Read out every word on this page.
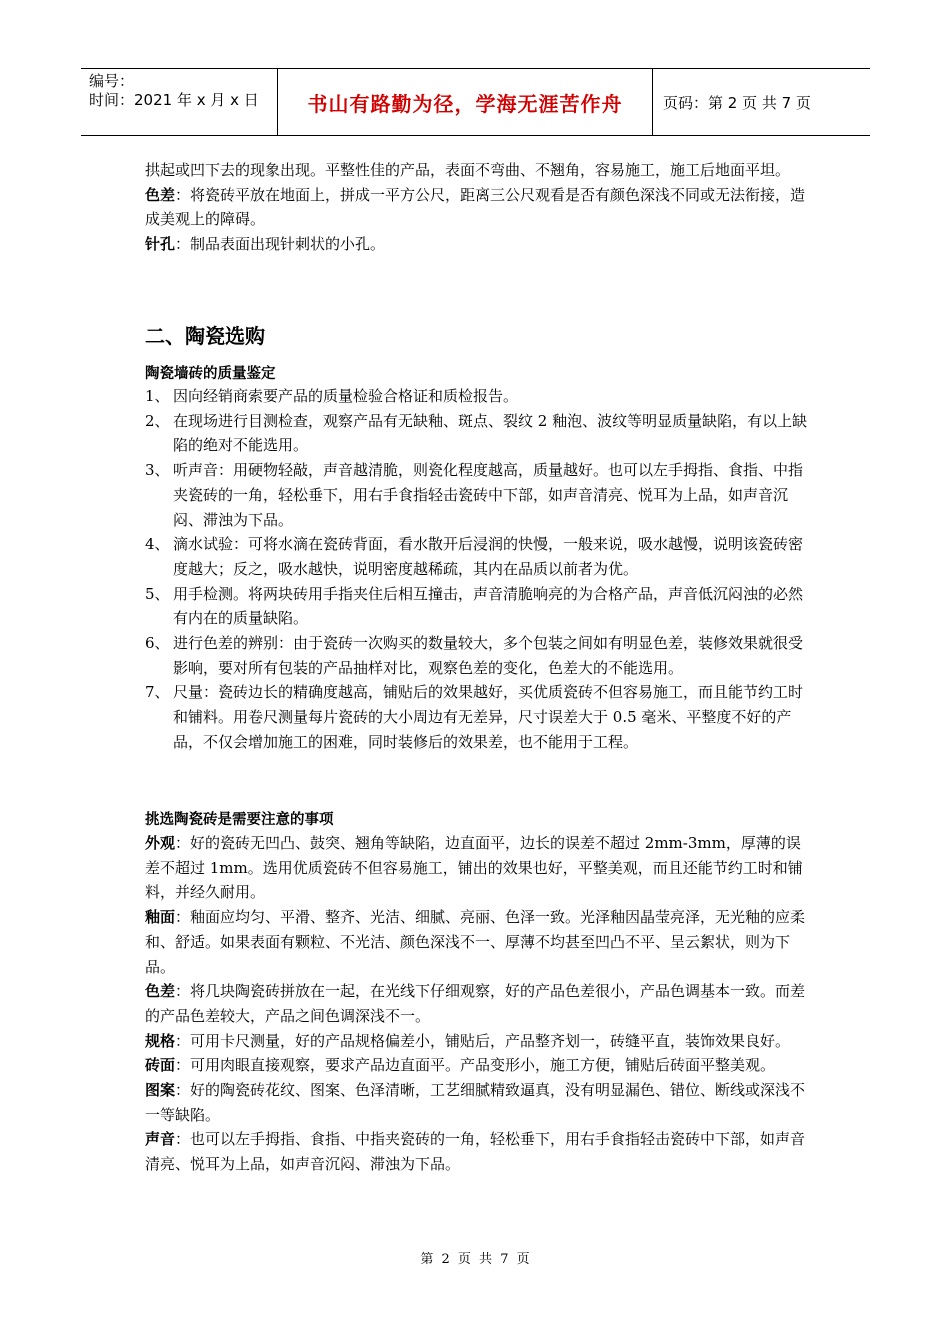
编号：
时间：2021 年 x 月 x 日	书山有路勤为径，学海无涯苦作舟	页码：第 2 页 共 7 页

拱起或凹下去的现象出现。平整性佳的产品，表面不弯曲、不翘角，容易施工，施工后地面平坦。

色差：将瓷砖平放在地面上，拼成一平方公尺，距离三公尺观看是否有颜色深浅不同或无法衔接，造成美观上的障碍。

针孔：制品表面出现针刺状的小孔。

二、陶瓷选购
陶瓷墙砖的质量鉴定
1、 因向经销商索要产品的质量检验合格证和质检报告。
2、 在现场进行目测检查，观察产品有无缺釉、斑点、裂纹 2 釉泡、波纹等明显质量缺陷，有以上缺陷的绝对不能选用。
3、 听声音：用硬物轻敲，声音越清脆，则瓷化程度越高，质量越好。也可以左手拇指、食指、中指夹瓷砖的一角，轻松垂下，用右手食指轻击瓷砖中下部，如声音清亮、悦耳为上品，如声音沉闷、滞浊为下品。
4、 滴水试验：可将水滴在瓷砖背面，看水散开后浸润的快慢，一般来说，吸水越慢，说明该瓷砖密度越大；反之，吸水越快，说明密度越稀疏，其内在品质以前者为优。
5、 用手检测。将两块砖用手指夹住后相互撞击，声音清脆响亮的为合格产品，声音低沉闷浊的必然有内在的质量缺陷。
6、 进行色差的辨别：由于瓷砖一次购买的数量较大，多个包装之间如有明显色差，装修效果就很受影响，要对所有包装的产品抽样对比，观察色差的变化，色差大的不能选用。
7、 尺量：瓷砖边长的精确度越高，铺贴后的效果越好，买优质瓷砖不但容易施工，而且能节约工时和铺料。用卷尺测量每片瓷砖的大小周边有无差异，尺寸误差大于 0.5 毫米、平整度不好的产品，不仅会增加施工的困难，同时装修后的效果差，也不能用于工程。
挑选陶瓷砖是需要注意的事项

外观：好的瓷砖无凹凸、鼓突、翘角等缺陷，边直面平，边长的误差不超过 2mm-3mm，厚薄的误差不超过 1mm。选用优质瓷砖不但容易施工，铺出的效果也好，平整美观，而且还能节约工时和铺料，并经久耐用。

釉面：釉面应均匀、平滑、整齐、光洁、细腻、亮丽、色泽一致。光泽釉因晶莹亮泽，无光釉的应柔和、舒适。如果表面有颗粒、不光洁、颜色深浅不一、厚薄不均甚至凹凸不平、呈云絮状，则为下品。

色差：将几块陶瓷砖拼放在一起，在光线下仔细观察，好的产品色差很小，产品色调基本一致。而差的产品色差较大，产品之间色调深浅不一。

规格：可用卡尺测量，好的产品规格偏差小，铺贴后，产品整齐划一，砖缝平直，装饰效果良好。

砖面：可用肉眼直接观察，要求产品边直面平。产品变形小，施工方便，铺贴后砖面平整美观。

图案：好的陶瓷砖花纹、图案、色泽清晰，工艺细腻精致逼真，没有明显漏色、错位、断线或深浅不一等缺陷。

声音：也可以左手拇指、食指、中指夹瓷砖的一角，轻松垂下，用右手食指轻击瓷砖中下部，如声音清亮、悦耳为上品，如声音沉闷、滞浊为下品。

第 2 页 共 7 页
